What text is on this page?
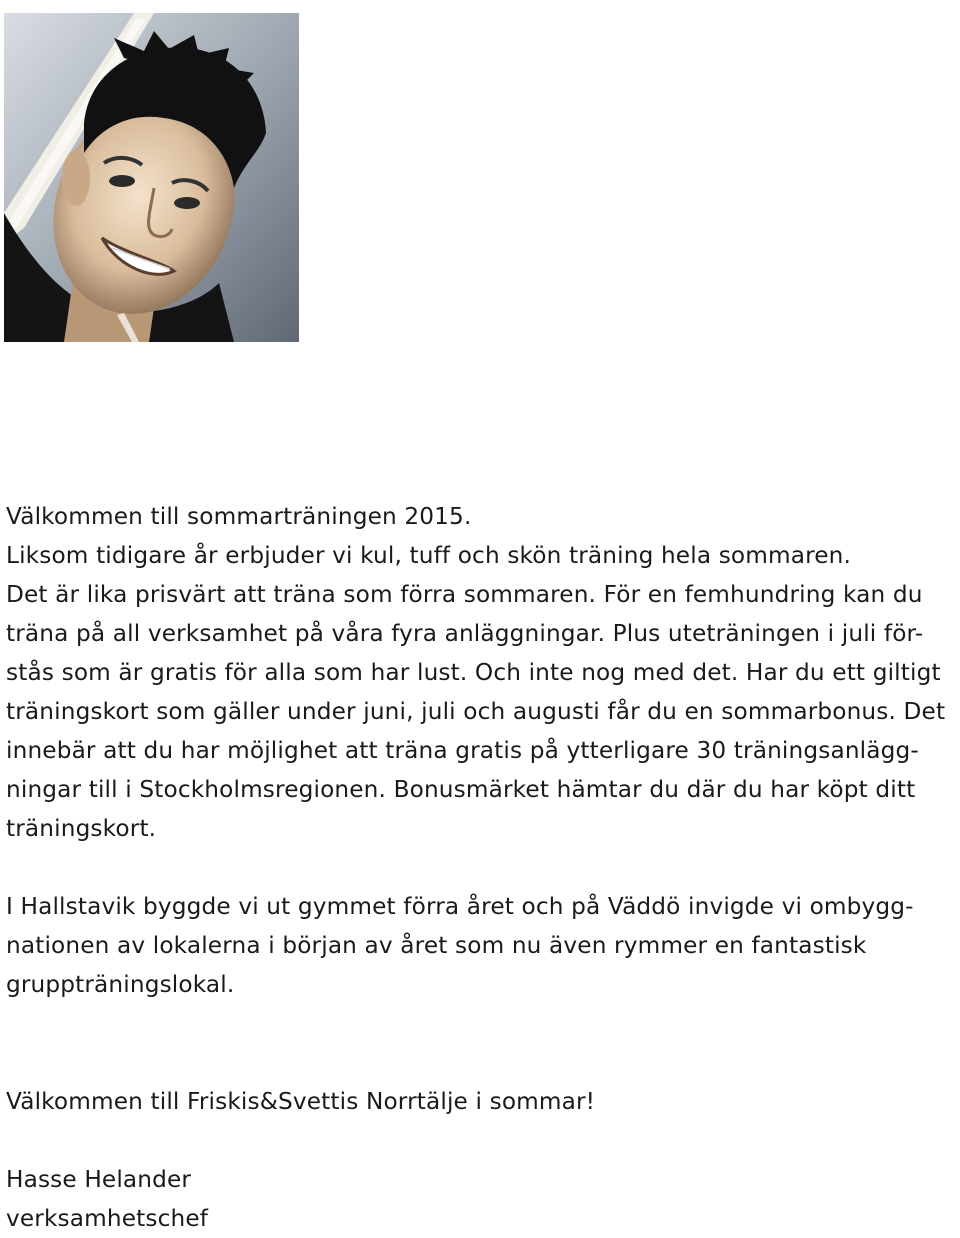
Välkommen till sommarträningen 2015.
Liksom tidigare år erbjuder vi kul, tuff och skön träning hela sommaren.
Det är lika prisvärt att träna som förra sommaren. För en femhundring kan du
träna på all verksamhet på våra fyra anläggningar. Plus uteträningen i juli för-
stås som är gratis för alla som har lust. Och inte nog med det. Har du ett giltigt
träningskort som gäller under juni, juli och augusti får du en sommarbonus. Det
innebär att du har möjlighet att träna gratis på ytterligare 30 träningsanlägg-
ningar till i Stockholmsregionen. Bonusmärket hämtar du där du har köpt ditt
träningskort.
I Hallstavik byggde vi ut gymmet förra året och på Väddö invigde vi ombygg-
nationen av lokalerna i början av året som nu även rymmer en fantastisk
gruppträningslokal.
Välkommen till Friskis&Svettis Norrtälje i sommar!
Hasse Helander
verksamhetschef
